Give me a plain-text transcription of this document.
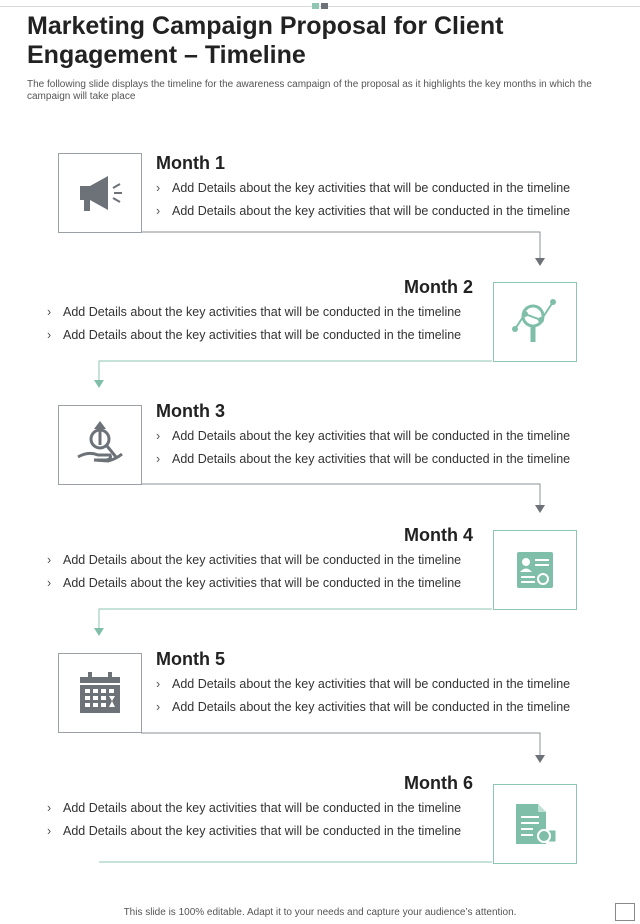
Marketing Campaign Proposal for Client Engagement – Timeline

The following slide displays the timeline for the awareness campaign of the proposal as it highlights the key months in which the campaign will take place

Month 1
› Add Details about the key activities that will be conducted in the timeline
› Add Details about the key activities that will be conducted in the timeline
Month 2
› Add Details about the key activities that will be conducted in the timeline
› Add Details about the key activities that will be conducted in the timeline
Month 3
› Add Details about the key activities that will be conducted in the timeline
› Add Details about the key activities that will be conducted in the timeline
Month 4
› Add Details about the key activities that will be conducted in the timeline
› Add Details about the key activities that will be conducted in the timeline
Month 5
› Add Details about the key activities that will be conducted in the timeline
› Add Details about the key activities that will be conducted in the timeline
Month 6
› Add Details about the key activities that will be conducted in the timeline
› Add Details about the key activities that will be conducted in the timeline

This slide is 100% editable. Adapt it to your needs and capture your audience’s attention.
